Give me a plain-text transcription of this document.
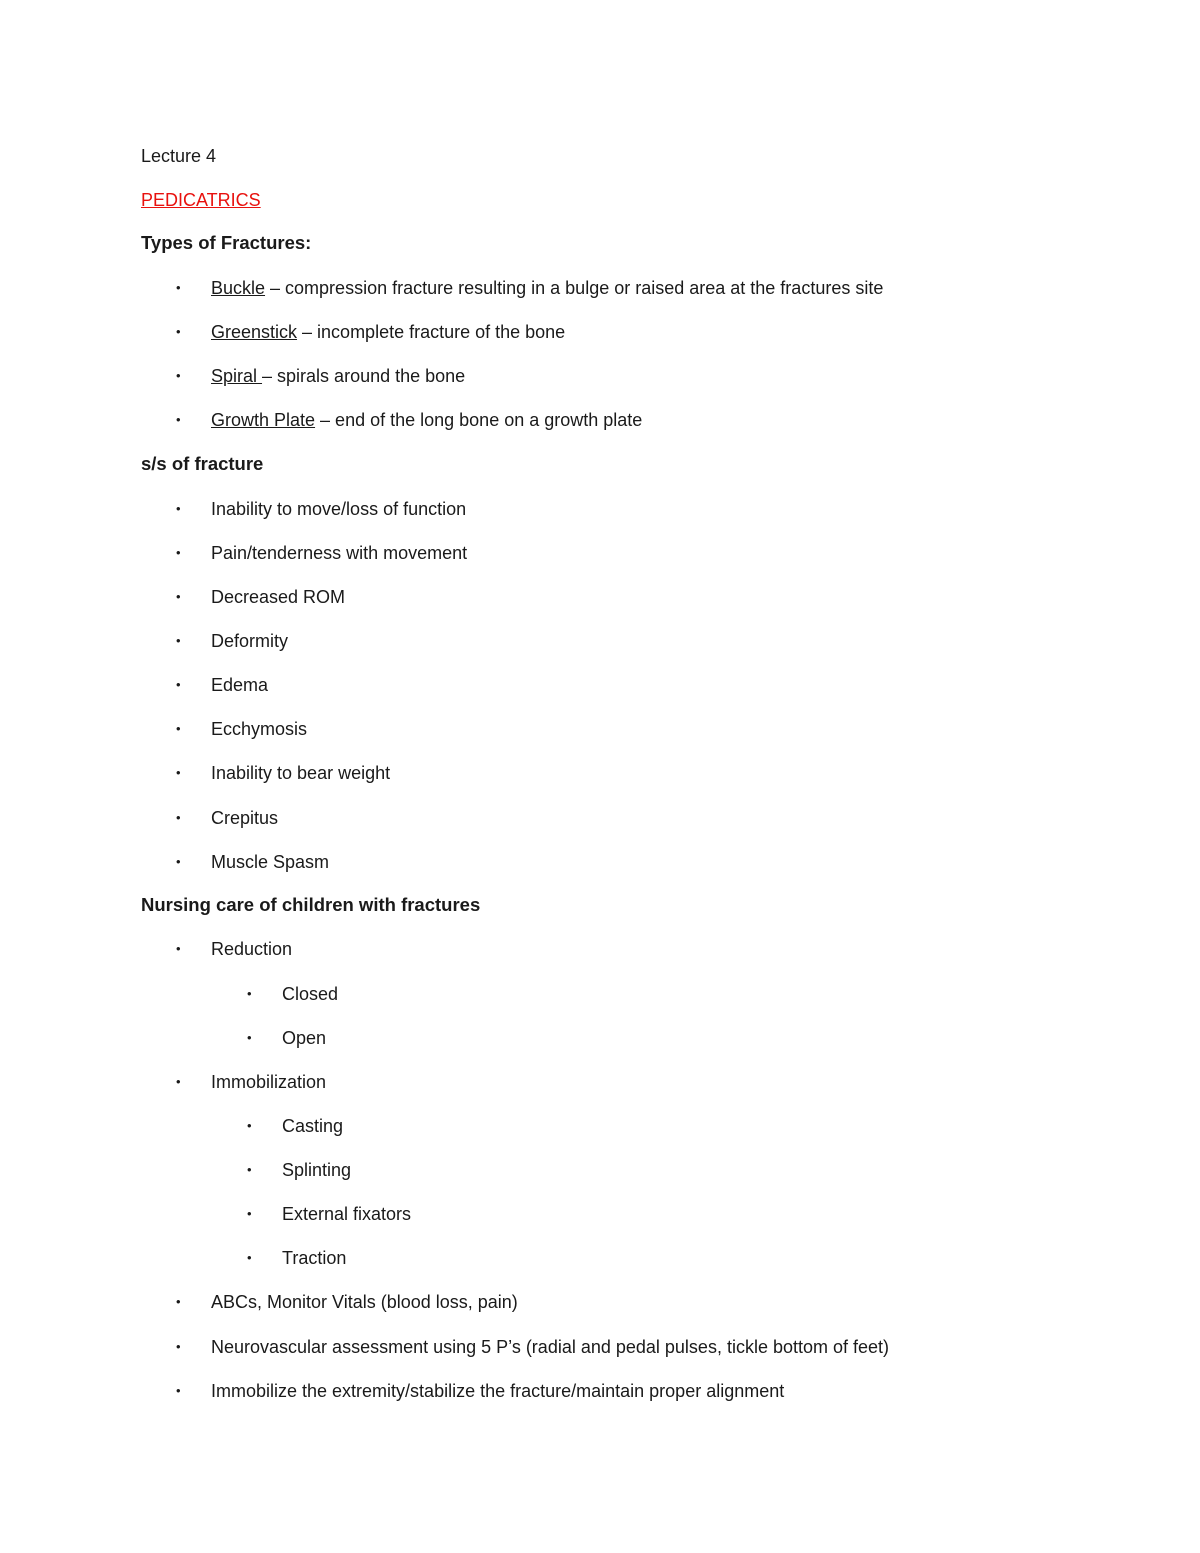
Lecture 4
PEDICATRICS
Types of Fractures:
• Buckle – compression fracture resulting in a bulge or raised area at the fractures site
• Greenstick – incomplete fracture of the bone
• Spiral – spirals around the bone
• Growth Plate – end of the long bone on a growth plate
s/s of fracture
• Inability to move/loss of function
• Pain/tenderness with movement
• Decreased ROM
• Deformity
• Edema
• Ecchymosis
• Inability to bear weight
• Crepitus
• Muscle Spasm
Nursing care of children with fractures
• Reduction
• Closed
• Open
• Immobilization
• Casting
• Splinting
• External fixators
• Traction
• ABCs, Monitor Vitals (blood loss, pain)
• Neurovascular assessment using 5 P’s (radial and pedal pulses, tickle bottom of feet)
• Immobilize the extremity/stabilize the fracture/maintain proper alignment
